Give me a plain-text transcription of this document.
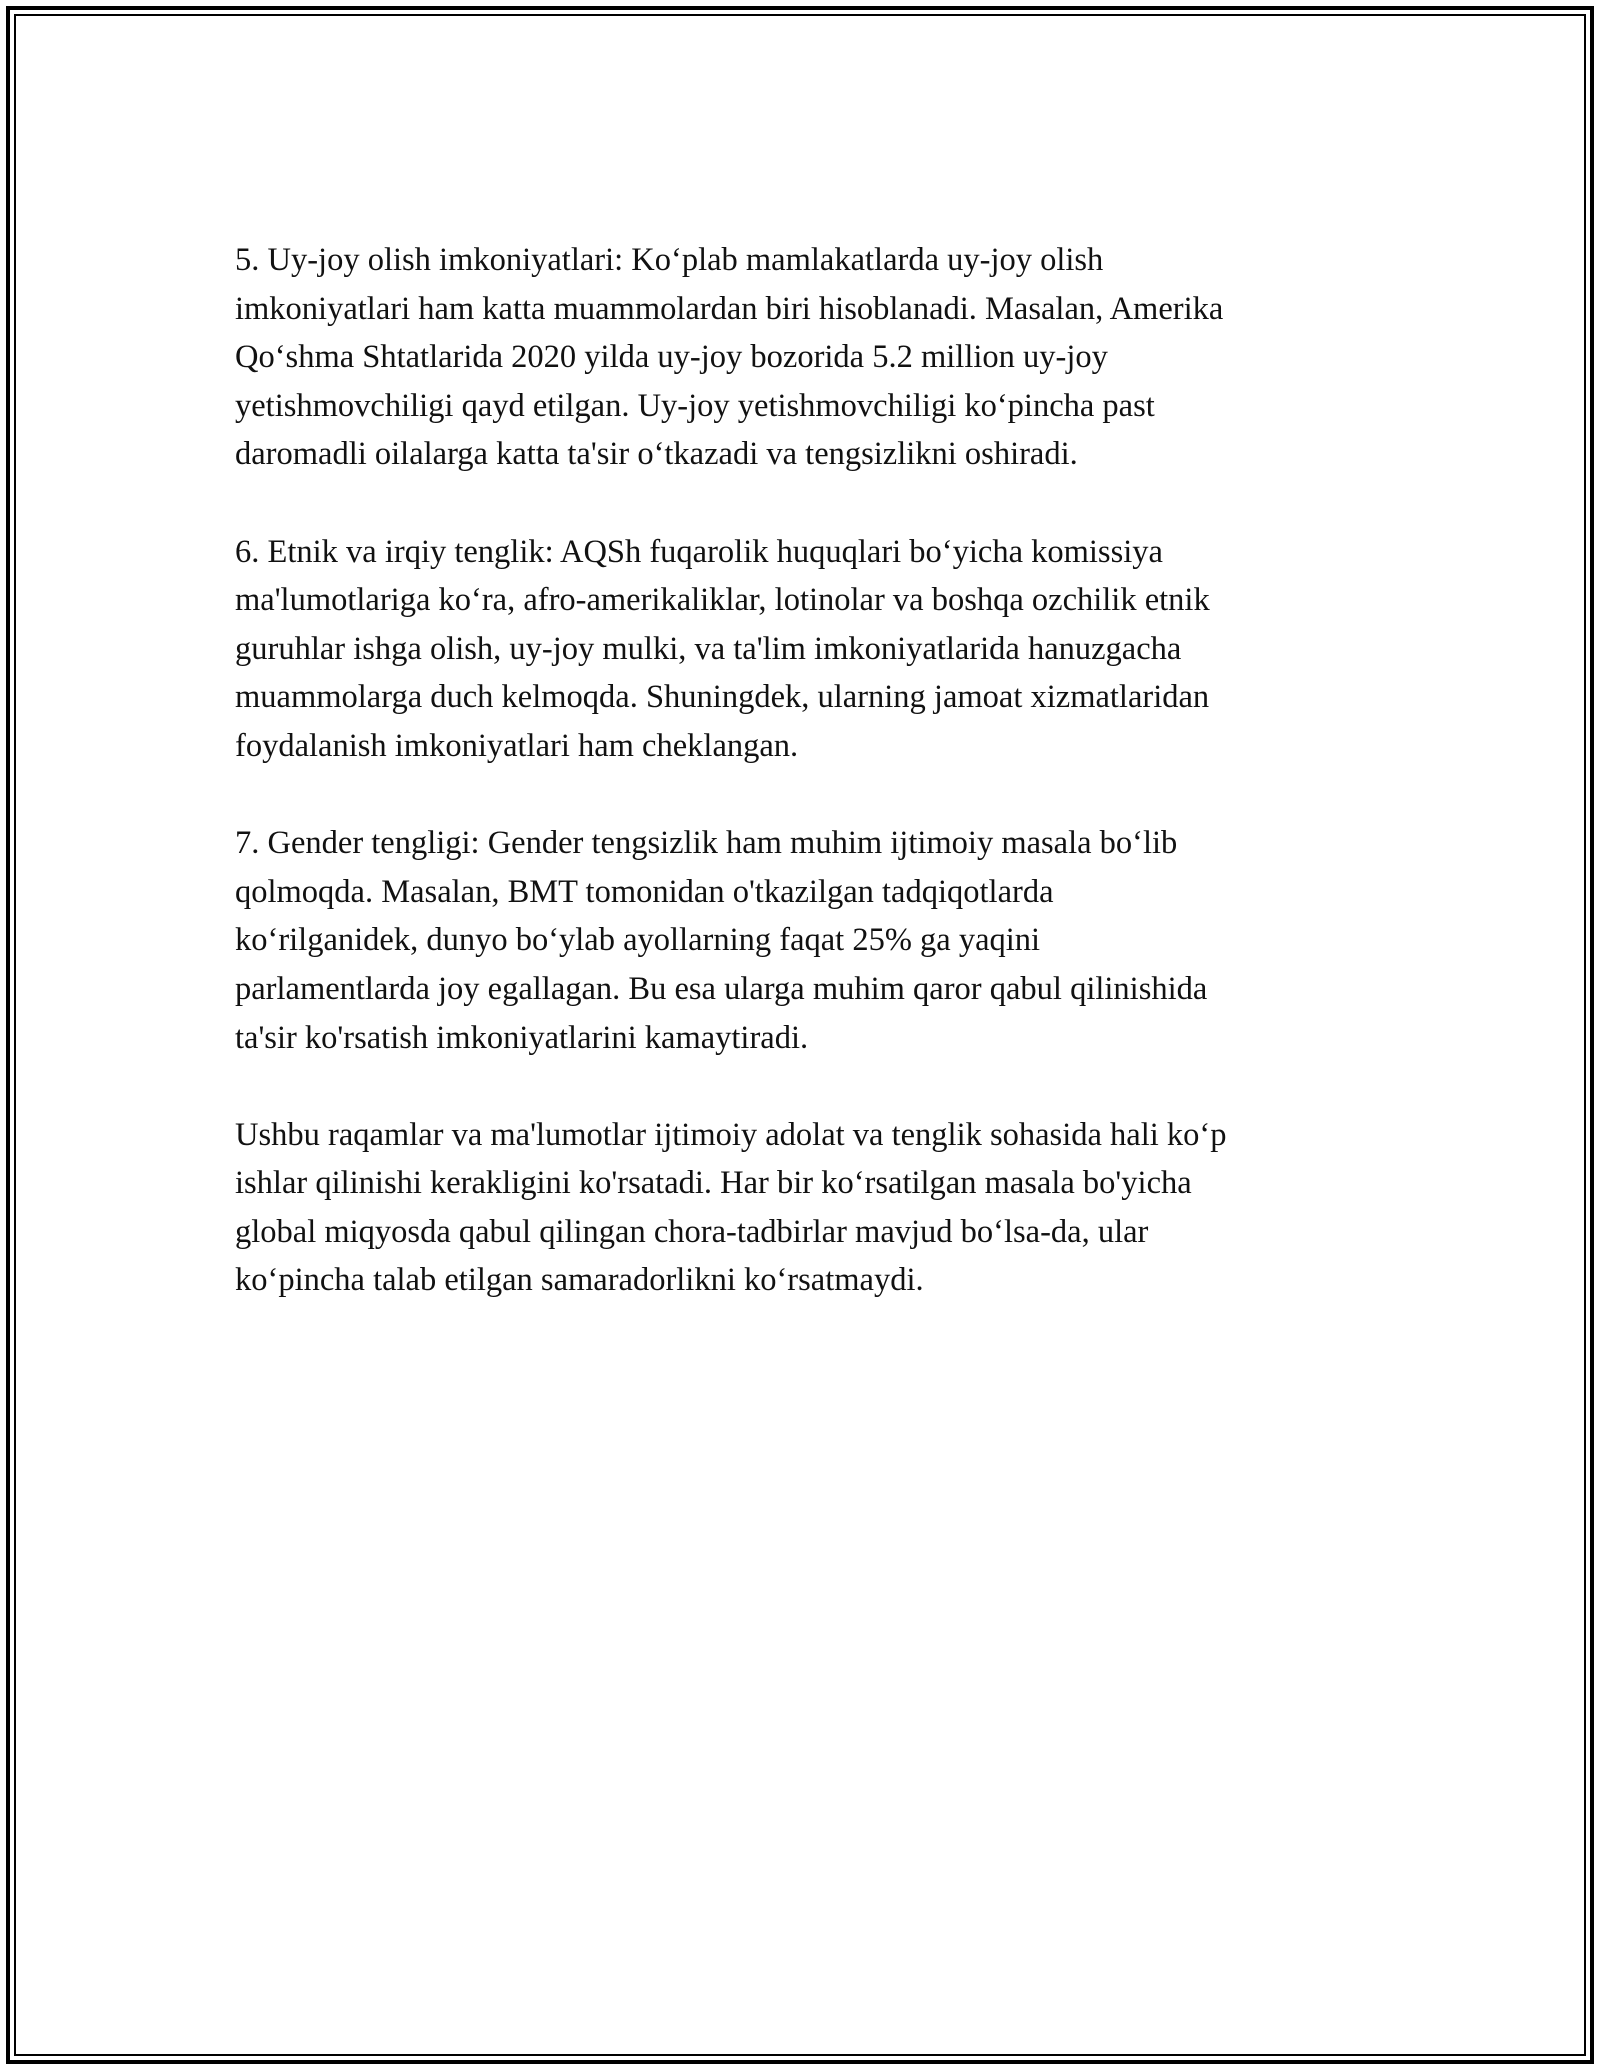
5. Uy-joy olish imkoniyatlari: Ko‘plab mamlakatlarda uy-joy olish
imkoniyatlari ham katta muammolardan biri hisoblanadi. Masalan, Amerika
Qo‘shma Shtatlarida 2020 yilda uy-joy bozorida 5.2 million uy-joy
yetishmovchiligi qayd etilgan. Uy-joy yetishmovchiligi ko‘pincha past
daromadli oilalarga katta ta'sir o‘tkazadi va tengsizlikni oshiradi.

6. Etnik va irqiy tenglik: AQSh fuqarolik huquqlari bo‘yicha komissiya
ma'lumotlariga ko‘ra, afro-amerikaliklar, lotinolar va boshqa ozchilik etnik
guruhlar ishga olish, uy-joy mulki, va ta'lim imkoniyatlarida hanuzgacha
muammolarga duch kelmoqda. Shuningdek, ularning jamoat xizmatlaridan
foydalanish imkoniyatlari ham cheklangan.

7. Gender tengligi: Gender tengsizlik ham muhim ijtimoiy masala bo‘lib
qolmoqda. Masalan, BMT tomonidan o'tkazilgan tadqiqotlarda
ko‘rilganidek, dunyo bo‘ylab ayollarning faqat 25% ga yaqini
parlamentlarda joy egallagan. Bu esa ularga muhim qaror qabul qilinishida
ta'sir ko'rsatish imkoniyatlarini kamaytiradi.

Ushbu raqamlar va ma'lumotlar ijtimoiy adolat va tenglik sohasida hali ko‘p
ishlar qilinishi kerakligini ko'rsatadi. Har bir ko‘rsatilgan masala bo'yicha
global miqyosda qabul qilingan chora-tadbirlar mavjud bo‘lsa-da, ular
ko‘pincha talab etilgan samaradorlikni ko‘rsatmaydi.
